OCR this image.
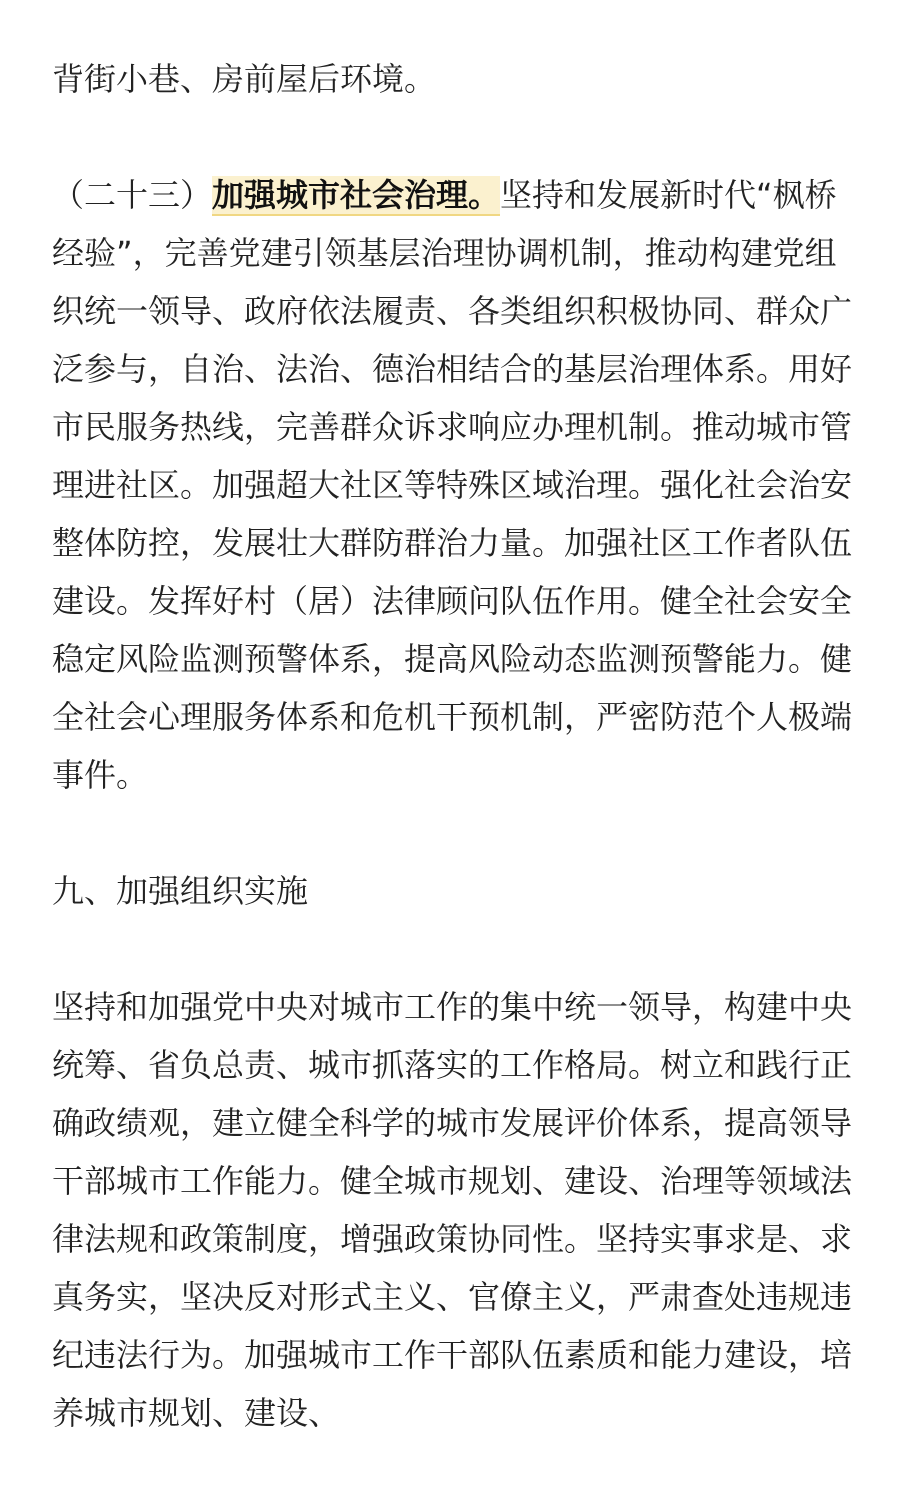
背街小巷、房前屋后环境。

（二十三）加强城市社会治理。坚持和发展新时代“枫桥经验”，完善党建引领基层治理协调机制，推动构建党组织统一领导、政府依法履责、各类组织积极协同、群众广泛参与，自治、法治、德治相结合的基层治理体系。用好市民服务热线，完善群众诉求响应办理机制。推动城市管理进社区。加强超大社区等特殊区域治理。强化社会治安整体防控，发展壮大群防群治力量。加强社区工作者队伍建设。发挥好村（居）法律顾问队伍作用。健全社会安全稳定风险监测预警体系，提高风险动态监测预警能力。健全社会心理服务体系和危机干预机制，严密防范个人极端事件。

九、加强组织实施

坚持和加强党中央对城市工作的集中统一领导，构建中央统筹、省负总责、城市抓落实的工作格局。树立和践行正确政绩观，建立健全科学的城市发展评价体系，提高领导干部城市工作能力。健全城市规划、建设、治理等领域法律法规和政策制度，增强政策协同性。坚持实事求是、求真务实，坚决反对形式主义、官僚主义，严肃查处违规违纪违法行为。加强城市工作干部队伍素质和能力建设，培养城市规划、建设、
